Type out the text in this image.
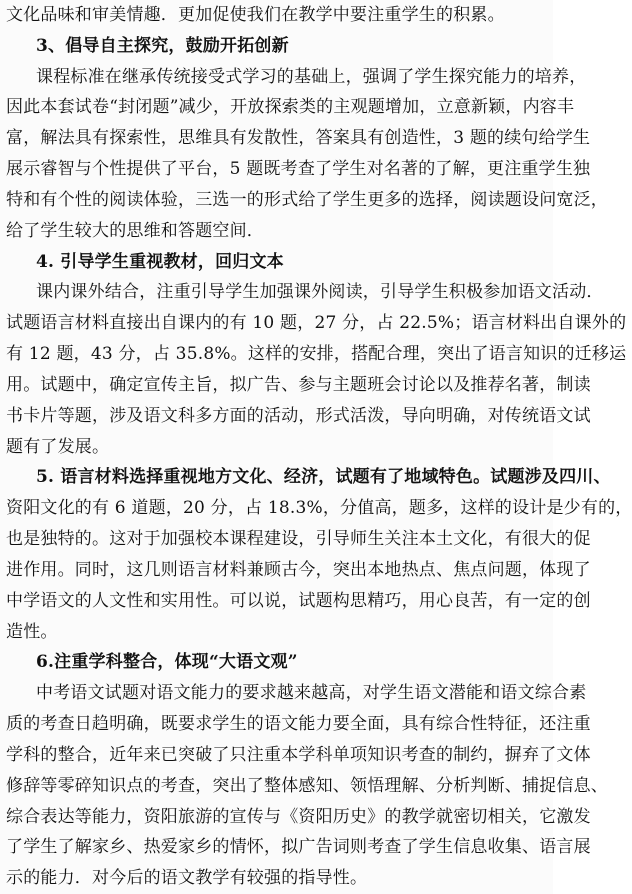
文化品味和审美情趣．更加促使我们在教学中要注重学生的积累。
3、倡导自主探究，鼓励开拓创新
课程标准在继承传统接受式学习的基础上，强调了学生探究能力的培养，
因此本套试卷“封闭题”减少，开放探索类的主观题增加，立意新颖，内容丰
富，解法具有探索性，思维具有发散性，答案具有创造性，3 题的续句给学生
展示睿智与个性提供了平台，5 题既考查了学生对名著的了解，更注重学生独
特和有个性的阅读体验，三选一的形式给了学生更多的选择，阅读题设问宽泛，
给了学生较大的思维和答题空间．
4. 引导学生重视教材，回归文本
课内课外结合，注重引导学生加强课外阅读，引导学生积极参加语文活动．
试题语言材料直接出自课内的有 10 题，27 分，占 22.5%；语言材料出自课外的
有 12 题，43 分，占 35.8%。这样的安排，搭配合理，突出了语言知识的迁移运
用。试题中，确定宣传主旨，拟广告、参与主题班会讨论以及推荐名著，制读
书卡片等题，涉及语文科多方面的活动，形式活泼，导向明确，对传统语文试
题有了发展。
5. 语言材料选择重视地方文化、经济，试题有了地域特色。试题涉及四川、
资阳文化的有 6 道题，20 分，占 18.3%，分值高，题多，这样的设计是少有的，
也是独特的。这对于加强校本课程建设，引导师生关注本土文化，有很大的促
进作用。同时，这几则语言材料兼顾古今，突出本地热点、焦点问题，体现了
中学语文的人文性和实用性。可以说，试题构思精巧，用心良苦，有一定的创
造性。
6.注重学科整合，体现“大语文观”
中考语文试题对语文能力的要求越来越高，对学生语文潜能和语文综合素
质的考查日趋明确，既要求学生的语文能力要全面，具有综合性特征，还注重
学科的整合，近年来已突破了只注重本学科单项知识考查的制约，摒弃了文体
修辞等零碎知识点的考查，突出了整体感知、领悟理解、分析判断、捕捉信息、
综合表达等能力，资阳旅游的宣传与《资阳历史》的教学就密切相关，它激发
了学生了解家乡、热爱家乡的情怀，拟广告词则考查了学生信息收集、语言展
示的能力．对今后的语文教学有较强的指导性。
